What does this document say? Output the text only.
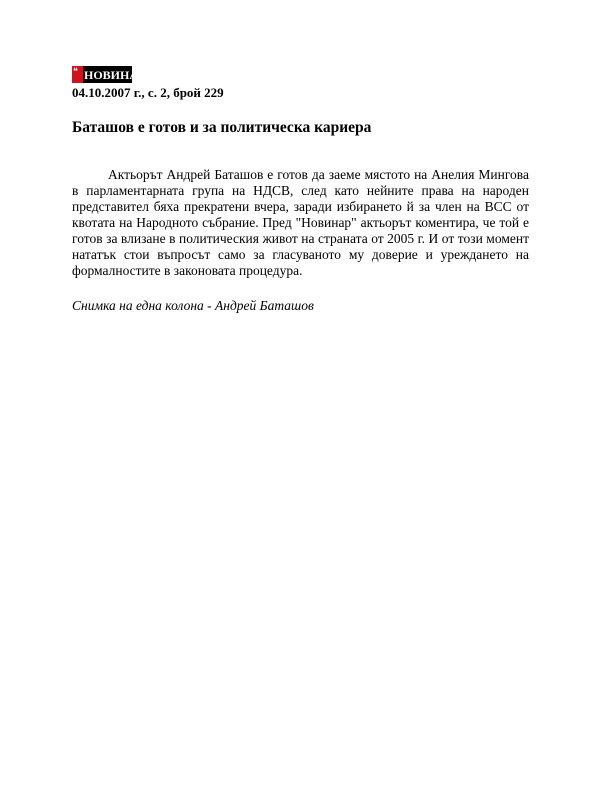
❝ НОВИНАР
04.10.2007 г., с. 2, брой 229
Баташов е готов и за политическа кариера

Актьорът Андрей Баташов е готов да заеме мястото на Анелия Мингова в парламентарната група на НДСВ, след като нейните права на народен представител бяха прекратени вчера, заради избирането й за член на ВСС от квотата на Народното събрание. Пред "Новинар" актьорът коментира, че той е готов за влизане в политическия живот на страната от 2005 г. И от този момент нататък стои въпросът само за гласуваното му доверие и уреждането на формалностите в законовата процедура.

Снимка на една колона - Андрей Баташов
